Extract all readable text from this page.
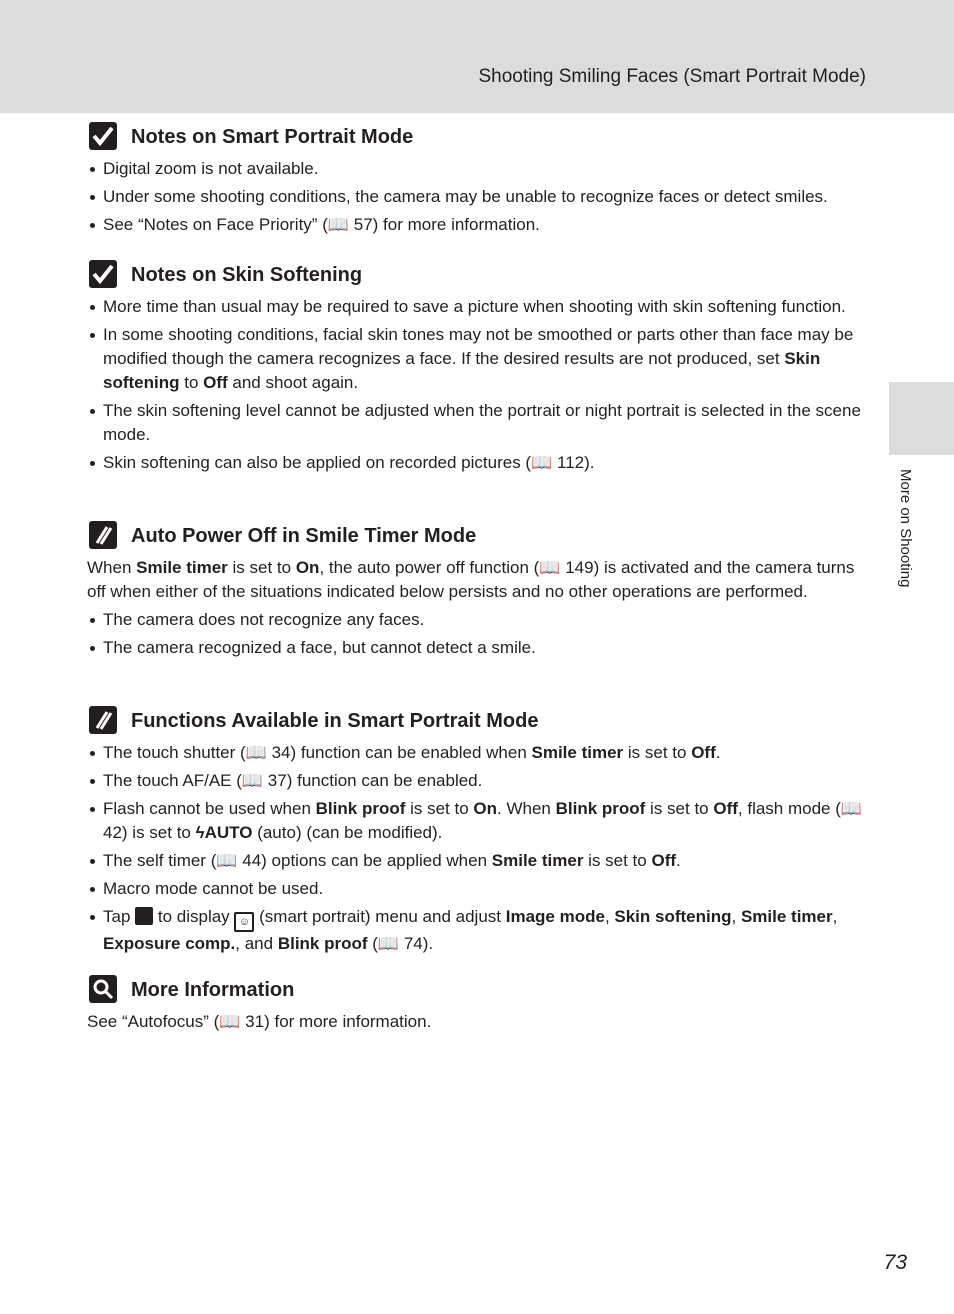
Shooting Smiling Faces (Smart Portrait Mode)
More on Shooting
Notes on Smart Portrait Mode
Digital zoom is not available.
Under some shooting conditions, the camera may be unable to recognize faces or detect smiles.
See “Notes on Face Priority” (📖 57) for more information.
Notes on Skin Softening
More time than usual may be required to save a picture when shooting with skin softening function.
In some shooting conditions, facial skin tones may not be smoothed or parts other than face may be modified though the camera recognizes a face. If the desired results are not produced, set Skin softening to Off and shoot again.
The skin softening level cannot be adjusted when the portrait or night portrait is selected in the scene mode.
Skin softening can also be applied on recorded pictures (📖 112).
Auto Power Off in Smile Timer Mode

When Smile timer is set to On, the auto power off function (📖 149) is activated and the camera turns off when either of the situations indicated below persists and no other operations are performed.

The camera does not recognize any faces.
The camera recognized a face, but cannot detect a smile.
Functions Available in Smart Portrait Mode
The touch shutter (📖 34) function can be enabled when Smile timer is set to Off.
The touch AF/AE (📖 37) function can be enabled.
Flash cannot be used when Blink proof is set to On. When Blink proof is set to Off, flash mode (📖 42) is set to ϟAUTO (auto) (can be modified).
The self timer (📖 44) options can be applied when Smile timer is set to Off.
Macro mode cannot be used.
Tap  to display ☺ (smart portrait) menu and adjust Image mode, Skin softening, Smile timer, Exposure comp., and Blink proof (📖 74).
More Information

See “Autofocus” (📖 31) for more information.

73
